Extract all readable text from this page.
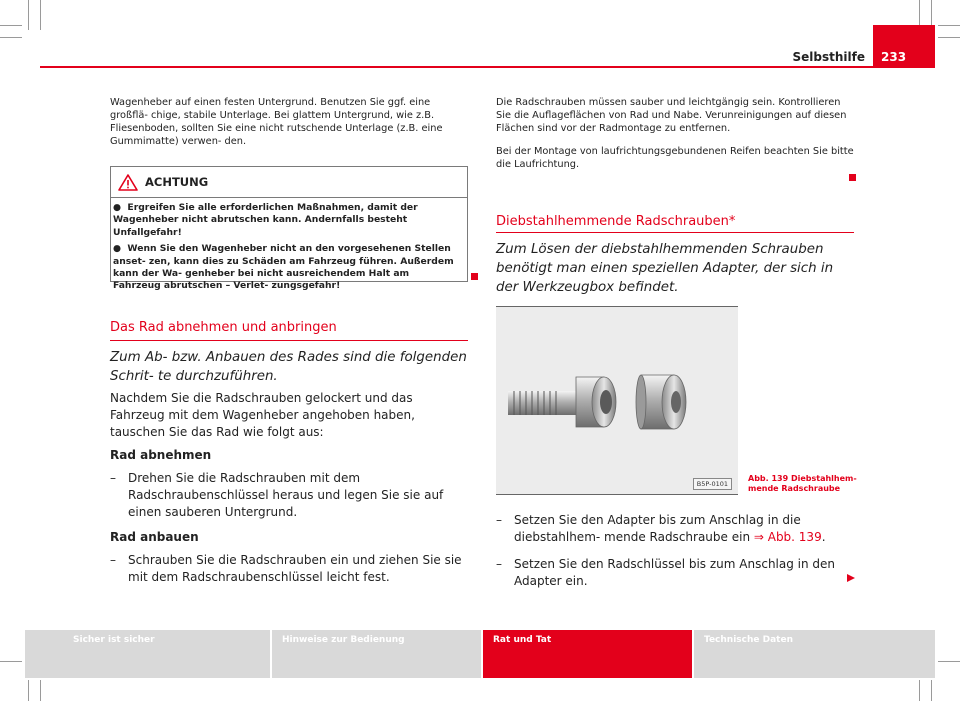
Selbsthilfe	233

Wagenheber auf einen festen Untergrund. Benutzen Sie ggf. eine großflä- chige, stabile Unterlage. Bei glattem Untergrund, wie z.B. Fliesenboden, sollten Sie eine nicht rutschende Unterlage (z.B. eine Gummimatte) verwen- den.

ACHTUNG
●  Ergreifen Sie alle erforderlichen Maßnahmen, damit der Wagenheber nicht abrutschen kann. Andernfalls besteht Unfallgefahr!
●  Wenn Sie den Wagenheber nicht an den vorgesehenen Stellen anset- zen, kann dies zu Schäden am Fahrzeug führen. Außerdem kann der Wa- genheber bei nicht ausreichendem Halt am Fahrzeug abrutschen – Verlet- zungsgefahr!
Das Rad abnehmen und anbringen
Zum Ab- bzw. Anbauen des Rades sind die folgenden Schrit- te durchzuführen.

Nachdem Sie die Radschrauben gelockert und das Fahrzeug mit dem Wagenheber angehoben haben, tauschen Sie das Rad wie folgt aus:

Rad abnehmen
–	Drehen Sie die Radschrauben mit dem Radschraubenschlüssel heraus und legen Sie sie auf einen sauberen Untergrund.
Rad anbauen
–	Schrauben Sie die Radschrauben ein und ziehen Sie sie mit dem Radschraubenschlüssel leicht fest.

Die Radschrauben müssen sauber und leichtgängig sein. Kontrollieren Sie die Auflageflächen von Rad und Nabe. Verunreinigungen auf diesen Flächen sind vor der Radmontage zu entfernen.

Bei der Montage von laufrichtungsgebundenen Reifen beachten Sie bitte die Laufrichtung.

Diebstahlhemmende Radschrauben*
Zum Lösen der diebstahlhemmenden Schrauben benötigt man einen speziellen Adapter, der sich in der Werkzeugbox befindet.
B5P-0101
Abb. 139 Diebstahlhem- mende Radschraube
–	Setzen Sie den Adapter bis zum Anschlag in die diebstahlhem- mende Radschraube ein ⇒ Abb. 139.
–	Setzen Sie den Radschlüssel bis zum Anschlag in den Adapter ein.
Sicher ist sicher	Hinweise zur Bedienung	Rat und Tat	Technische Daten
